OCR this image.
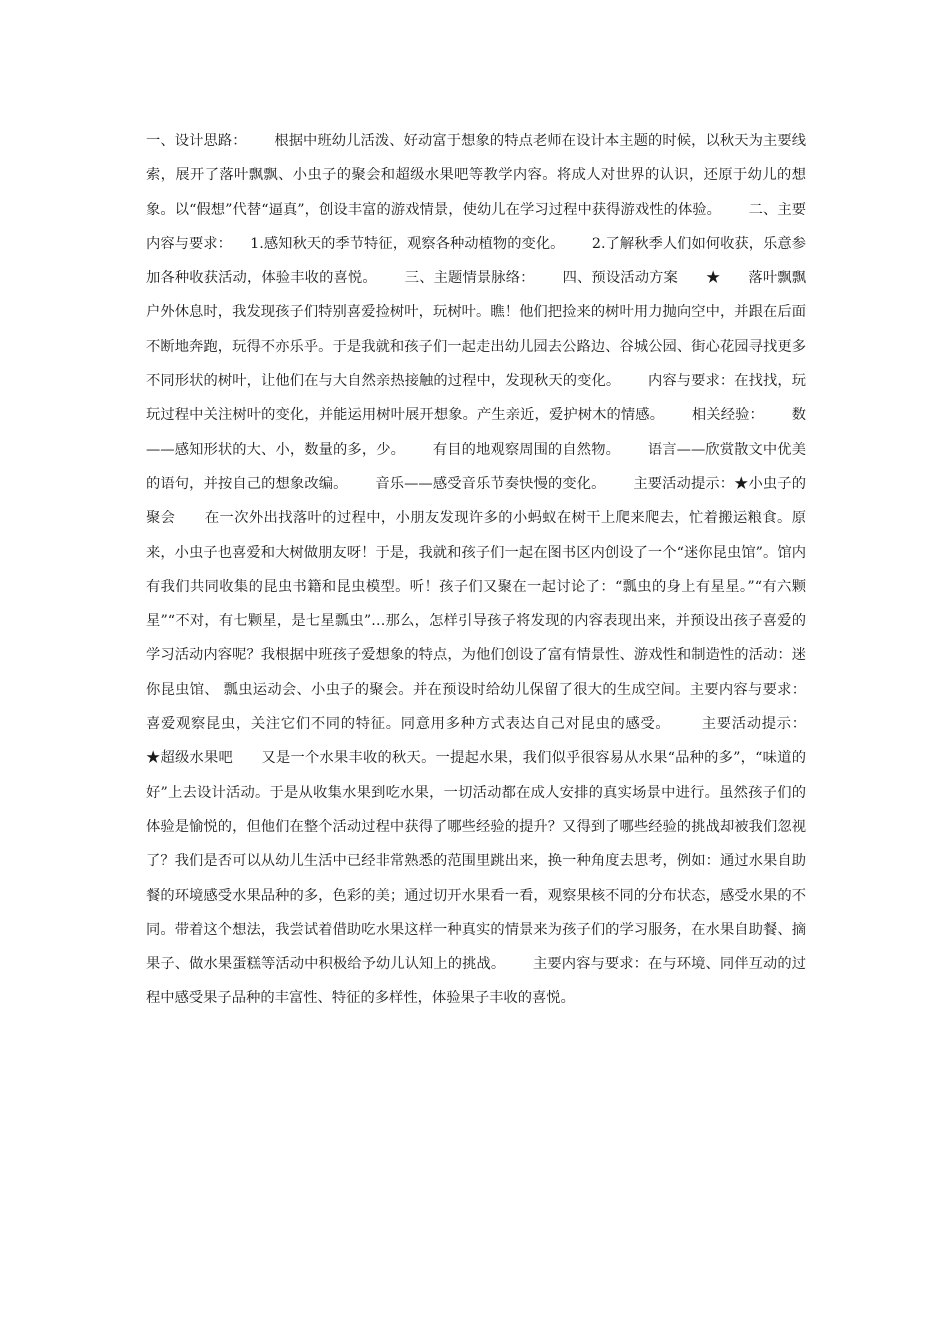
一、设计思路：      根据中班幼儿活泼、好动富于想象的特点老师在设计本主题的时候，以秋天为主要线索，展开了落叶飘飘、小虫子的聚会和超级水果吧等教学内容。将成人对世界的认识，还原于幼儿的想象。以“假想”代替“逼真”，创设丰富的游戏情景，使幼儿在学习过程中获得游戏性的体验。      二、主要内容与要求：    1.感知秋天的季节特征，观察各种动植物的变化。      2.了解秋季人们如何收获，乐意参加各种收获活动，体验丰收的喜悦。      三、主题情景脉络：      四、预设活动方案      ★      落叶飘飘      户外休息时，我发现孩子们特别喜爱捡树叶，玩树叶。瞧！他们把捡来的树叶用力抛向空中，并跟在后面不断地奔跑，玩得不亦乐乎。于是我就和孩子们一起走出幼儿园去公路边、谷城公园、街心花园寻找更多不同形状的树叶，让他们在与大自然亲热接触的过程中，发现秋天的变化。      内容与要求：在找找，玩玩过程中关注树叶的变化，并能运用树叶展开想象。产生亲近，爱护树木的情感。      相关经验：      数——感知形状的大、小，数量的多，少。      有目的地观察周围的自然物。      语言——欣赏散文中优美的语句，并按自己的想象改编。      音乐——感受音乐节奏快慢的变化。      主要活动提示：★小虫子的聚会      在一次外出找落叶的过程中，小朋友发现许多的小蚂蚁在树干上爬来爬去，忙着搬运粮食。原来，小虫子也喜爱和大树做朋友呀！于是，我就和孩子们一起在图书区内创设了一个“迷你昆虫馆”。馆内有我们共同收集的昆虫书籍和昆虫模型。听！孩子们又聚在一起讨论了：“瓢虫的身上有星星。”“有六颗星”“不对，有七颗星，是七星瓢虫”…那么，怎样引导孩子将发现的内容表现出来，并预设出孩子喜爱的学习活动内容呢？我根据中班孩子爱想象的特点，为他们创设了富有情景性、游戏性和制造性的活动：迷你昆虫馆、 瓢虫运动会、小虫子的聚会。并在预设时给幼儿保留了很大的生成空间。主要内容与要求：喜爱观察昆虫，关注它们不同的特征。同意用多种方式表达自己对昆虫的感受。      主要活动提示：      ★超级水果吧      又是一个水果丰收的秋天。一提起水果，我们似乎很容易从水果“品种的多”，“味道的好”上去设计活动。于是从收集水果到吃水果，一切活动都在成人安排的真实场景中进行。虽然孩子们的体验是愉悦的，但他们在整个活动过程中获得了哪些经验的提升？又得到了哪些经验的挑战却被我们忽视了？我们是否可以从幼儿生活中已经非常熟悉的范围里跳出来，换一种角度去思考，例如：通过水果自助餐的环境感受水果品种的多，色彩的美；通过切开水果看一看，观察果核不同的分布状态，感受水果的不同。带着这个想法，我尝试着借助吃水果这样一种真实的情景来为孩子们的学习服务，在水果自助餐、摘果子、做水果蛋糕等活动中积极给予幼儿认知上的挑战。      主要内容与要求：在与环境、同伴互动的过程中感受果子品种的丰富性、特征的多样性，体验果子丰收的喜悦。
